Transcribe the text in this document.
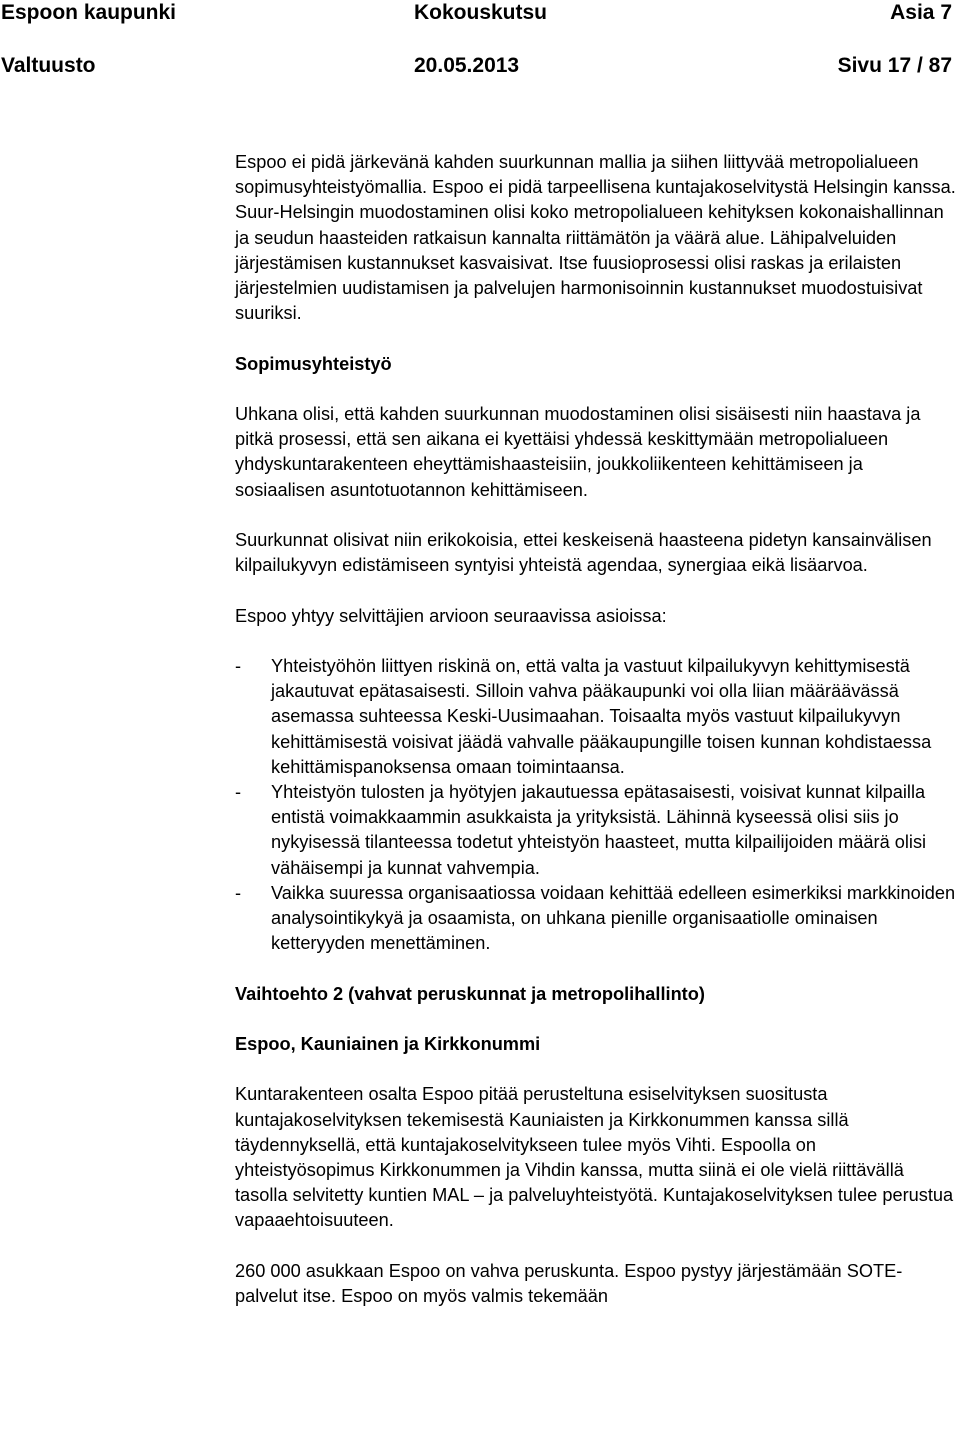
Espoon kaupunki	Kokouskutsu	Asia 7
Valtuusto	20.05.2013	Sivu 17 / 87

Espoo ei pidä järkevänä kahden suurkunnan mallia ja siihen liittyvää metropolialueen sopimusyhteistyömallia. Espoo ei pidä tarpeellisena kuntajakoselvitystä Helsingin kanssa. Suur-Helsingin muodostaminen olisi koko metropolialueen kehityksen kokonaishallinnan ja seudun haasteiden ratkaisun kannalta riittämätön ja väärä alue. Lähipalveluiden järjestämisen kustannukset kasvaisivat. Itse fuusioprosessi olisi raskas ja erilaisten järjestelmien uudistamisen ja palvelujen harmonisoinnin kustannukset muodostuisivat suuriksi.

Sopimusyhteistyö

Uhkana olisi, että kahden suurkunnan muodostaminen olisi sisäisesti niin haastava ja pitkä prosessi, että sen aikana ei kyettäisi yhdessä keskittymään metropolialueen yhdyskuntarakenteen eheyttämishaasteisiin, joukkoliikenteen kehittämiseen ja sosiaalisen asuntotuotannon kehittämiseen.

Suurkunnat olisivat niin erikokoisia, ettei keskeisenä haasteena pidetyn kansainvälisen kilpailukyvyn edistämiseen syntyisi yhteistä agendaa, synergiaa eikä lisäarvoa.

Espoo yhtyy selvittäjien arvioon seuraavissa asioissa:

- Yhteistyöhön liittyen riskinä on, että valta ja vastuut kilpailukyvyn kehittymisestä jakautuvat epätasaisesti. Silloin vahva pääkaupunki voi olla liian määräävässä asemassa suhteessa Keski-Uusimaahan. Toisaalta myös vastuut kilpailukyvyn kehittämisestä voisivat jäädä vahvalle pääkaupungille toisen kunnan kohdistaessa kehittämispanoksensa omaan toimintaansa.
- Yhteistyön tulosten ja hyötyjen jakautuessa epätasaisesti, voisivat kunnat kilpailla entistä voimakkaammin asukkaista ja yrityksistä. Lähinnä kyseessä olisi siis jo nykyisessä tilanteessa todetut yhteistyön haasteet, mutta kilpailijoiden määrä olisi vähäisempi ja kunnat vahvempia.
- Vaikka suuressa organisaatiossa voidaan kehittää edelleen esimerkiksi markkinoiden analysointikykyä ja osaamista, on uhkana pienille organisaatiolle ominaisen ketteryyden menettäminen.

Vaihtoehto 2 (vahvat peruskunnat ja metropolihallinto)

Espoo, Kauniainen ja Kirkkonummi

Kuntarakenteen osalta Espoo pitää perusteltuna esiselvityksen suositusta kuntajakoselvityksen tekemisestä Kauniaisten ja Kirkkonummen kanssa sillä täydennyksellä, että kuntajakoselvitykseen tulee myös Vihti. Espoolla on yhteistyösopimus Kirkkonummen ja Vihdin kanssa, mutta siinä ei ole vielä riittävällä tasolla selvitetty kuntien MAL – ja palveluyhteistyötä. Kuntajakoselvityksen tulee perustua vapaaehtoisuuteen.

260 000 asukkaan Espoo on vahva peruskunta. Espoo pystyy järjestämään SOTE- palvelut itse. Espoo on myös valmis tekemään
